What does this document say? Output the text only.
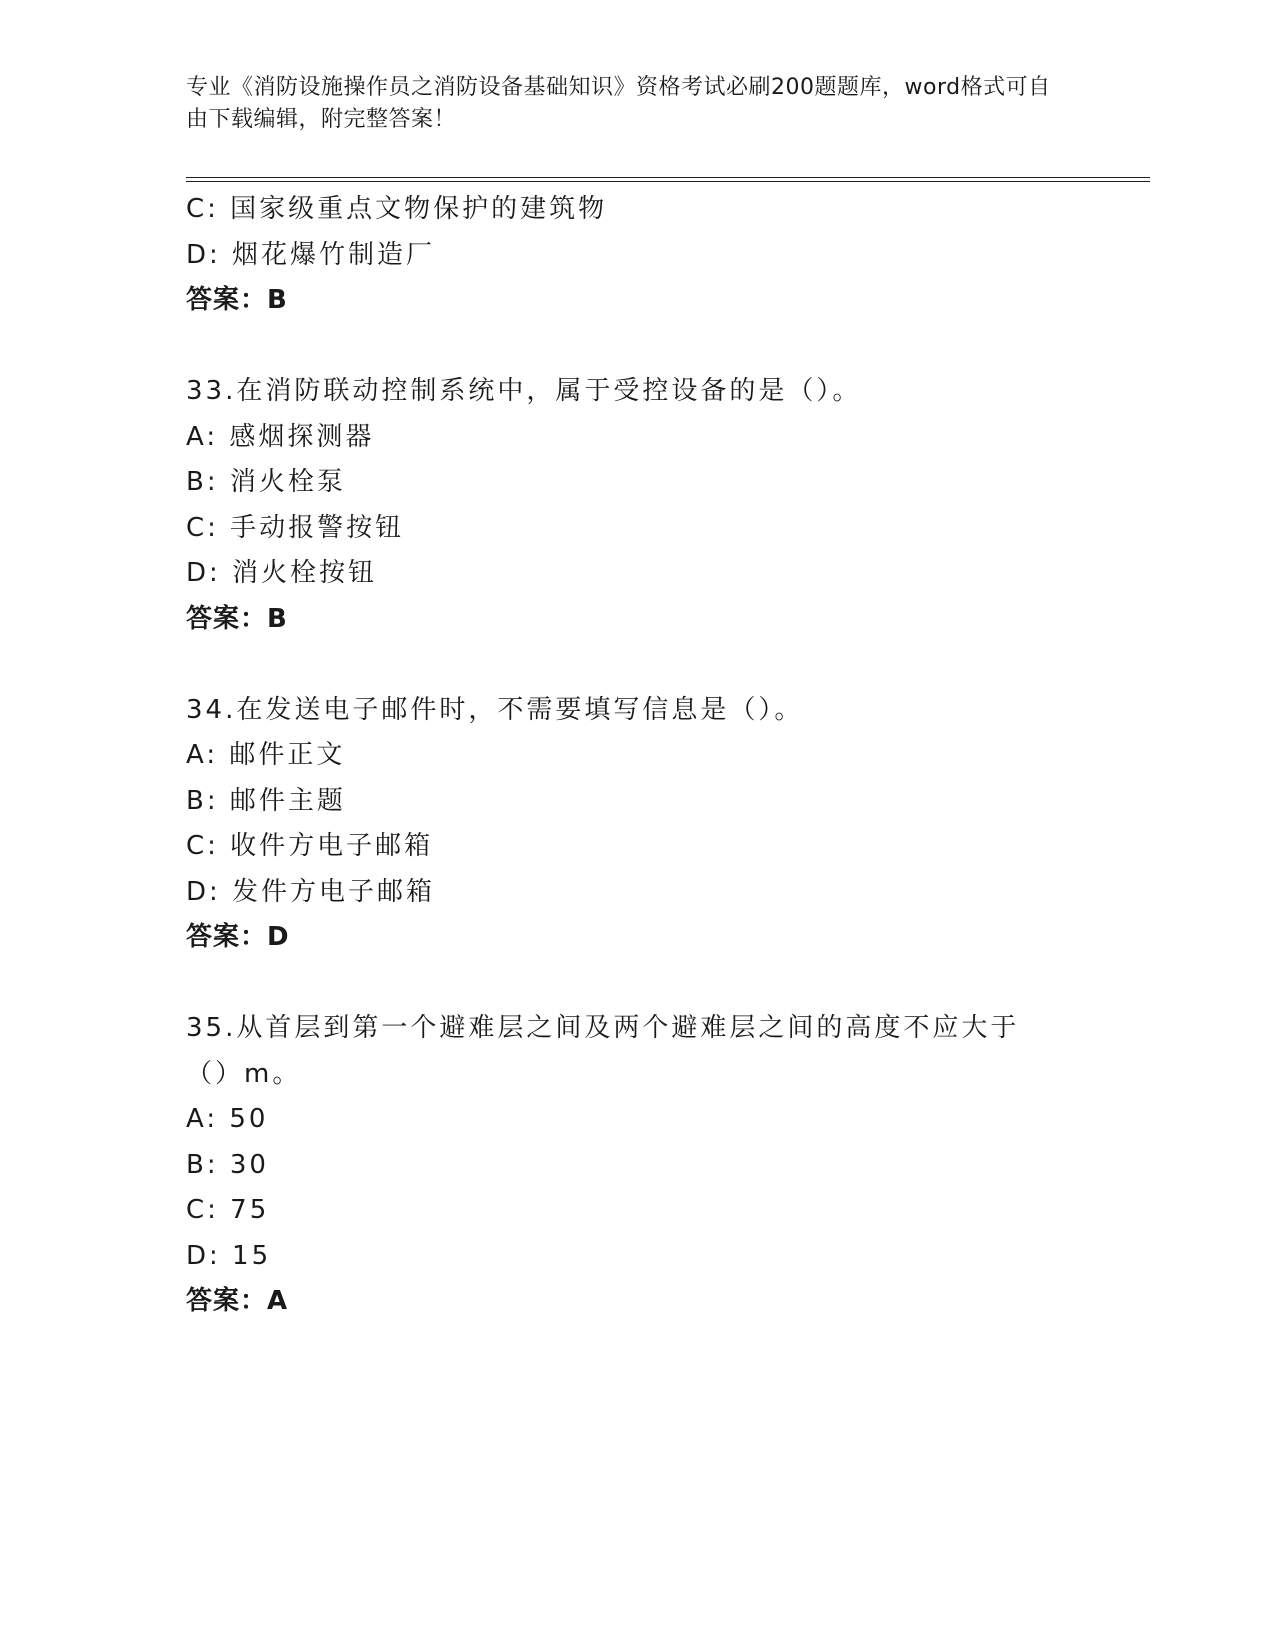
专业《消防设施操作员之消防设备基础知识》资格考试必刷200题题库，word格式可自由下载编辑，附完整答案！
C: 国家级重点文物保护的建筑物
D: 烟花爆竹制造厂
答案：B
33.在消防联动控制系统中，属于受控设备的是（）。
A: 感烟探测器
B: 消火栓泵
C: 手动报警按钮
D: 消火栓按钮
答案：B
34.在发送电子邮件时，不需要填写信息是（）。
A: 邮件正文
B: 邮件主题
C: 收件方电子邮箱
D: 发件方电子邮箱
答案：D
35.从首层到第一个避难层之间及两个避难层之间的高度不应大于（）m。
A: 50
B: 30
C: 75
D: 15
答案：A
